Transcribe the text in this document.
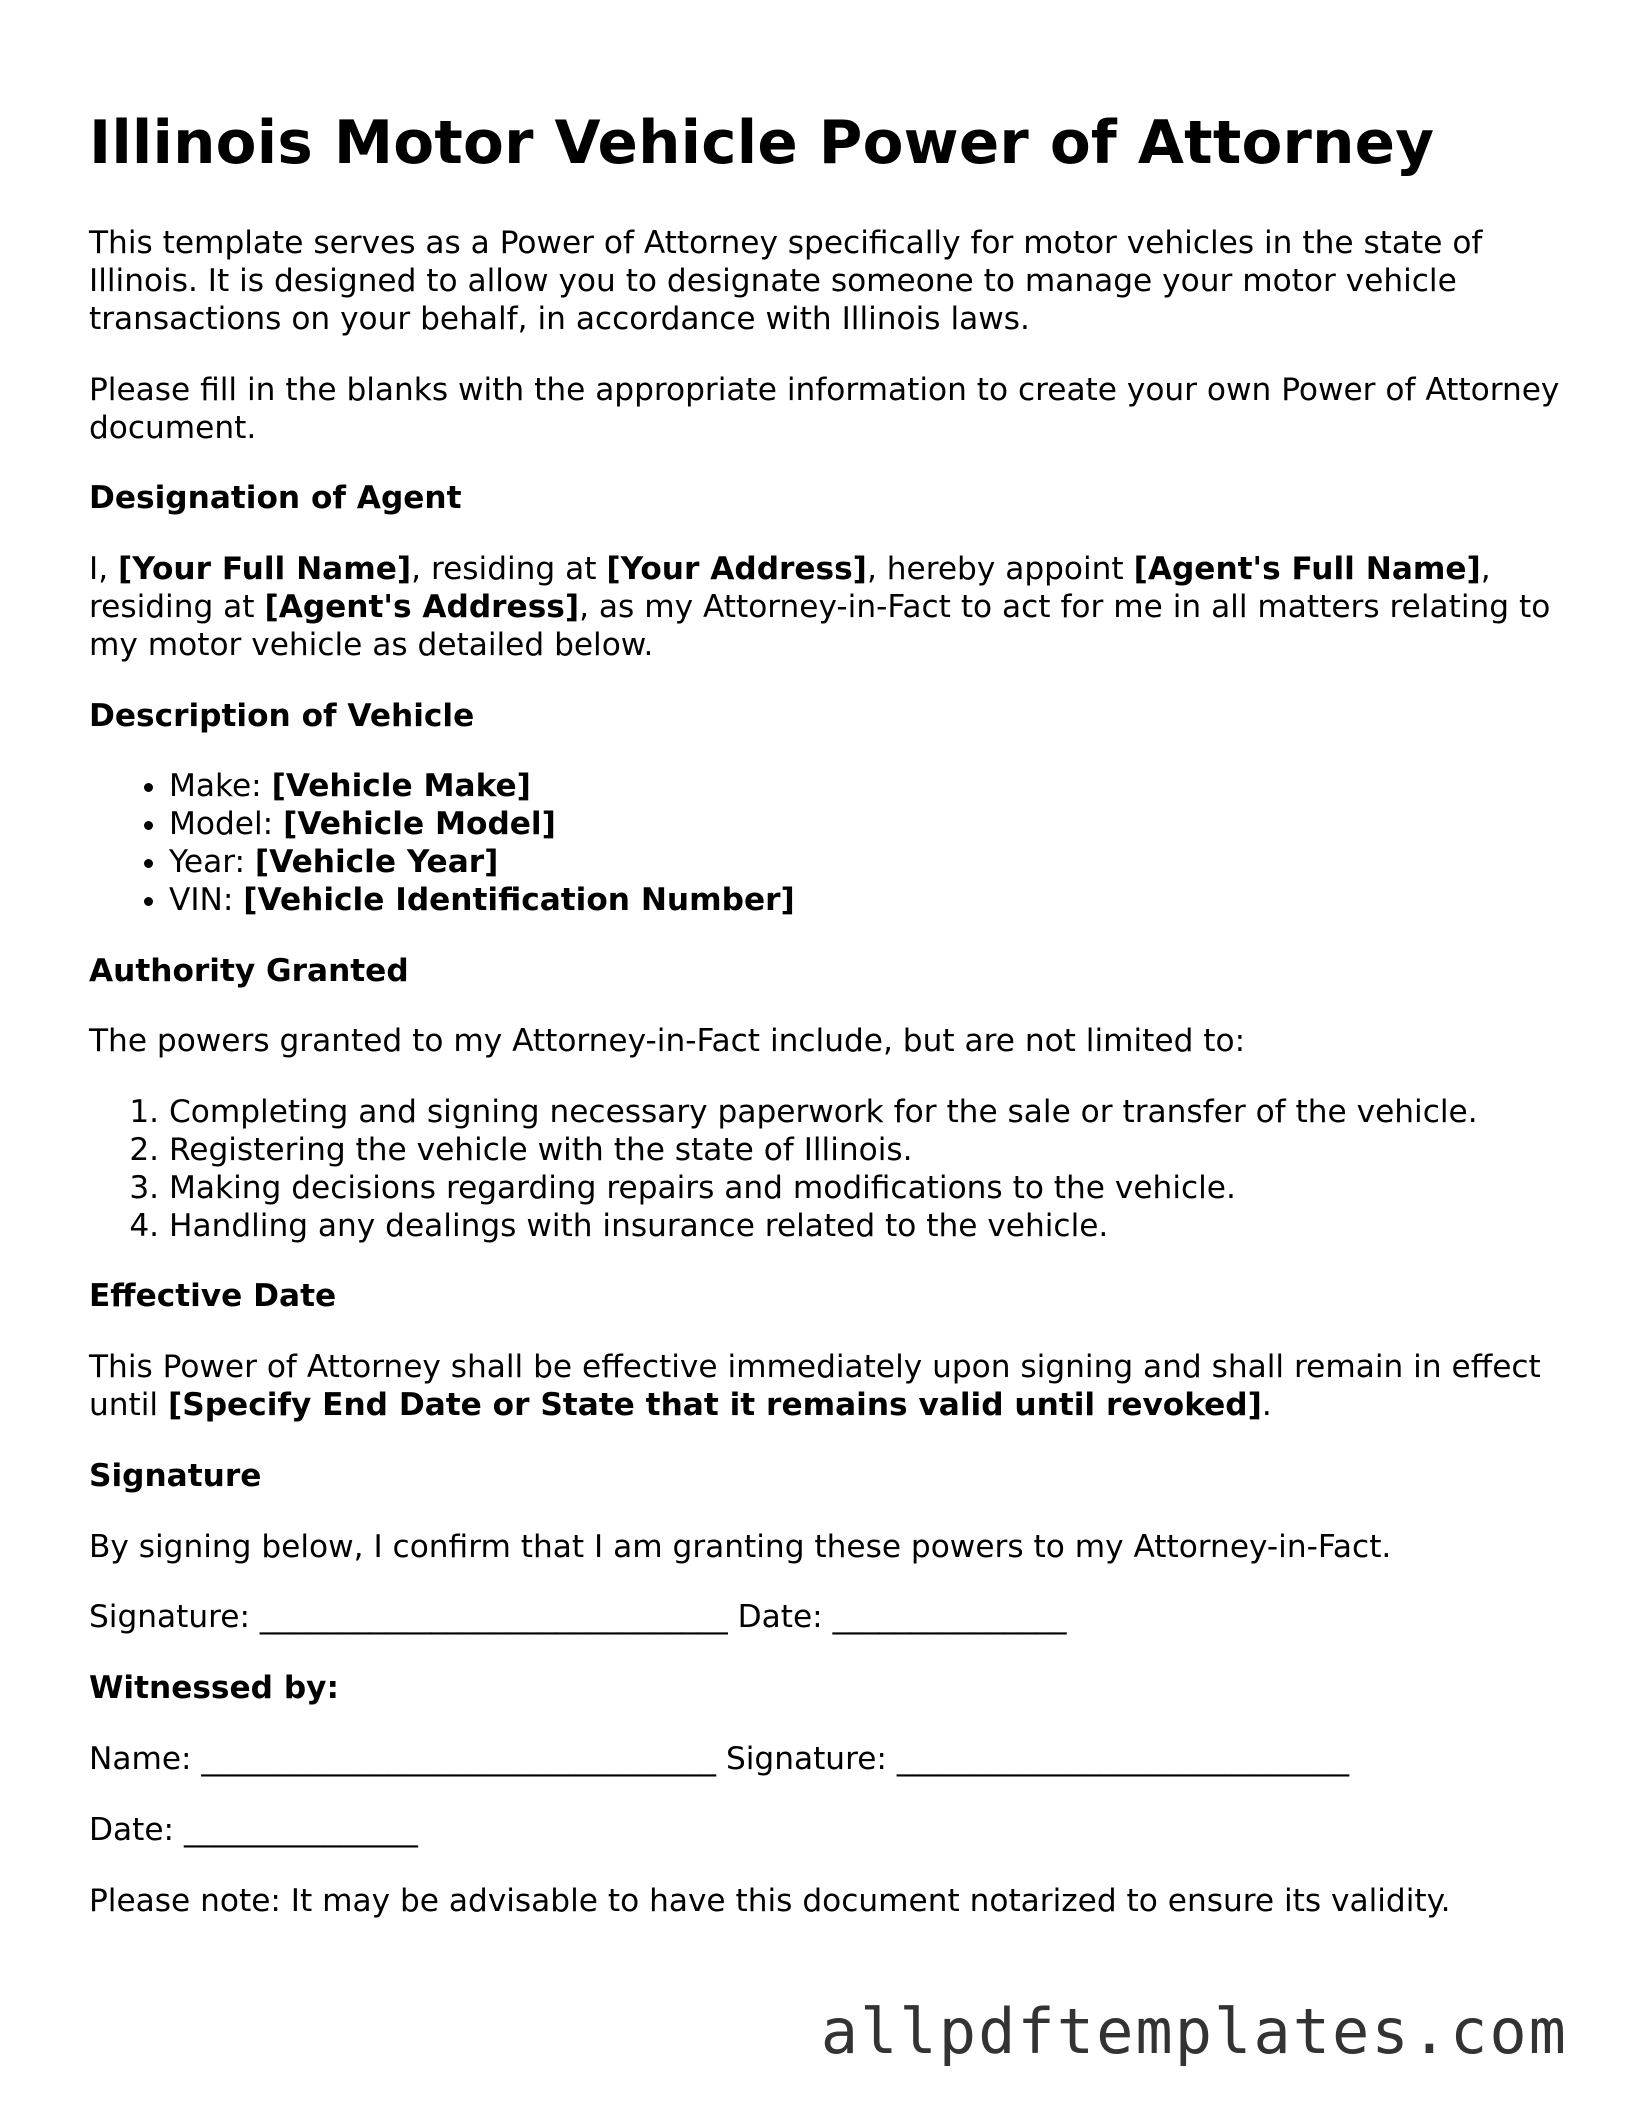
Illinois Motor Vehicle Power of Attorney

This template serves as a Power of Attorney specifically for motor vehicles in the state of Illinois. It is designed to allow you to designate someone to manage your motor vehicle transactions on your behalf, in accordance with Illinois laws.

Please fill in the blanks with the appropriate information to create your own Power of Attorney document.

Designation of Agent

I, [Your Full Name], residing at [Your Address], hereby appoint [Agent's Full Name], residing at [Agent's Address], as my Attorney-in-Fact to act for me in all matters relating to my motor vehicle as detailed below.

Description of Vehicle
• Make: [Vehicle Make]
• Model: [Vehicle Model]
• Year: [Vehicle Year]
• VIN: [Vehicle Identification Number]
Authority Granted

The powers granted to my Attorney-in-Fact include, but are not limited to:

1. Completing and signing necessary paperwork for the sale or transfer of the vehicle.
2. Registering the vehicle with the state of Illinois.
3. Making decisions regarding repairs and modifications to the vehicle.
4. Handling any dealings with insurance related to the vehicle.
Effective Date

This Power of Attorney shall be effective immediately upon signing and shall remain in effect until [Specify End Date or State that it remains valid until revoked].

Signature

By signing below, I confirm that I am granting these powers to my Attorney-in-Fact.

Signature: ______________________________ Date: _______________

Witnessed by:

Name: _________________________________ Signature: _____________________________

Date: _______________

Please note: It may be advisable to have this document notarized to ensure its validity.

allpdftemplates.com
